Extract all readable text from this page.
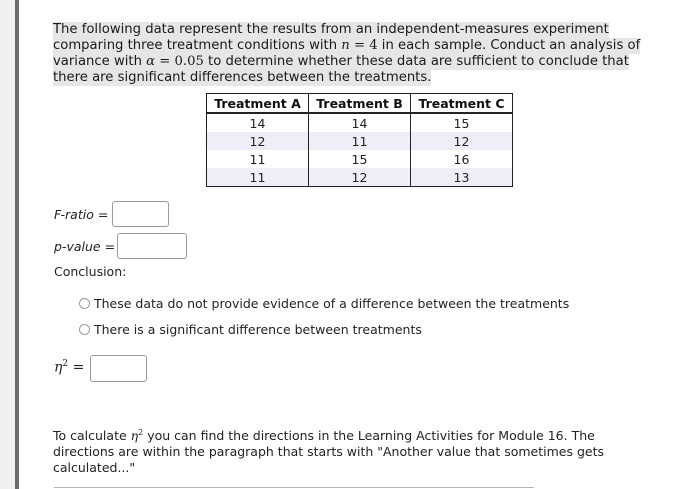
The following data represent the results from an independent-measures experiment
comparing three treatment conditions with n = 4 in each sample. Conduct an analysis of
variance with α = 0.05 to determine whether these data are sufficient to conclude that
there are significant differences between the treatments.
Treatment A	Treatment B	Treatment C
14	14	15
12	11	12
11	15	16
11	12	13
F-ratio =
p-value =
Conclusion:
These data do not provide evidence of a difference between the treatments
There is a significant difference between treatments
$\eta^2$ =
To calculate $\eta^2$ you can find the directions in the Learning Activities for Module 16. The directions are within the paragraph that starts with "Another value that sometimes gets calculated..."
